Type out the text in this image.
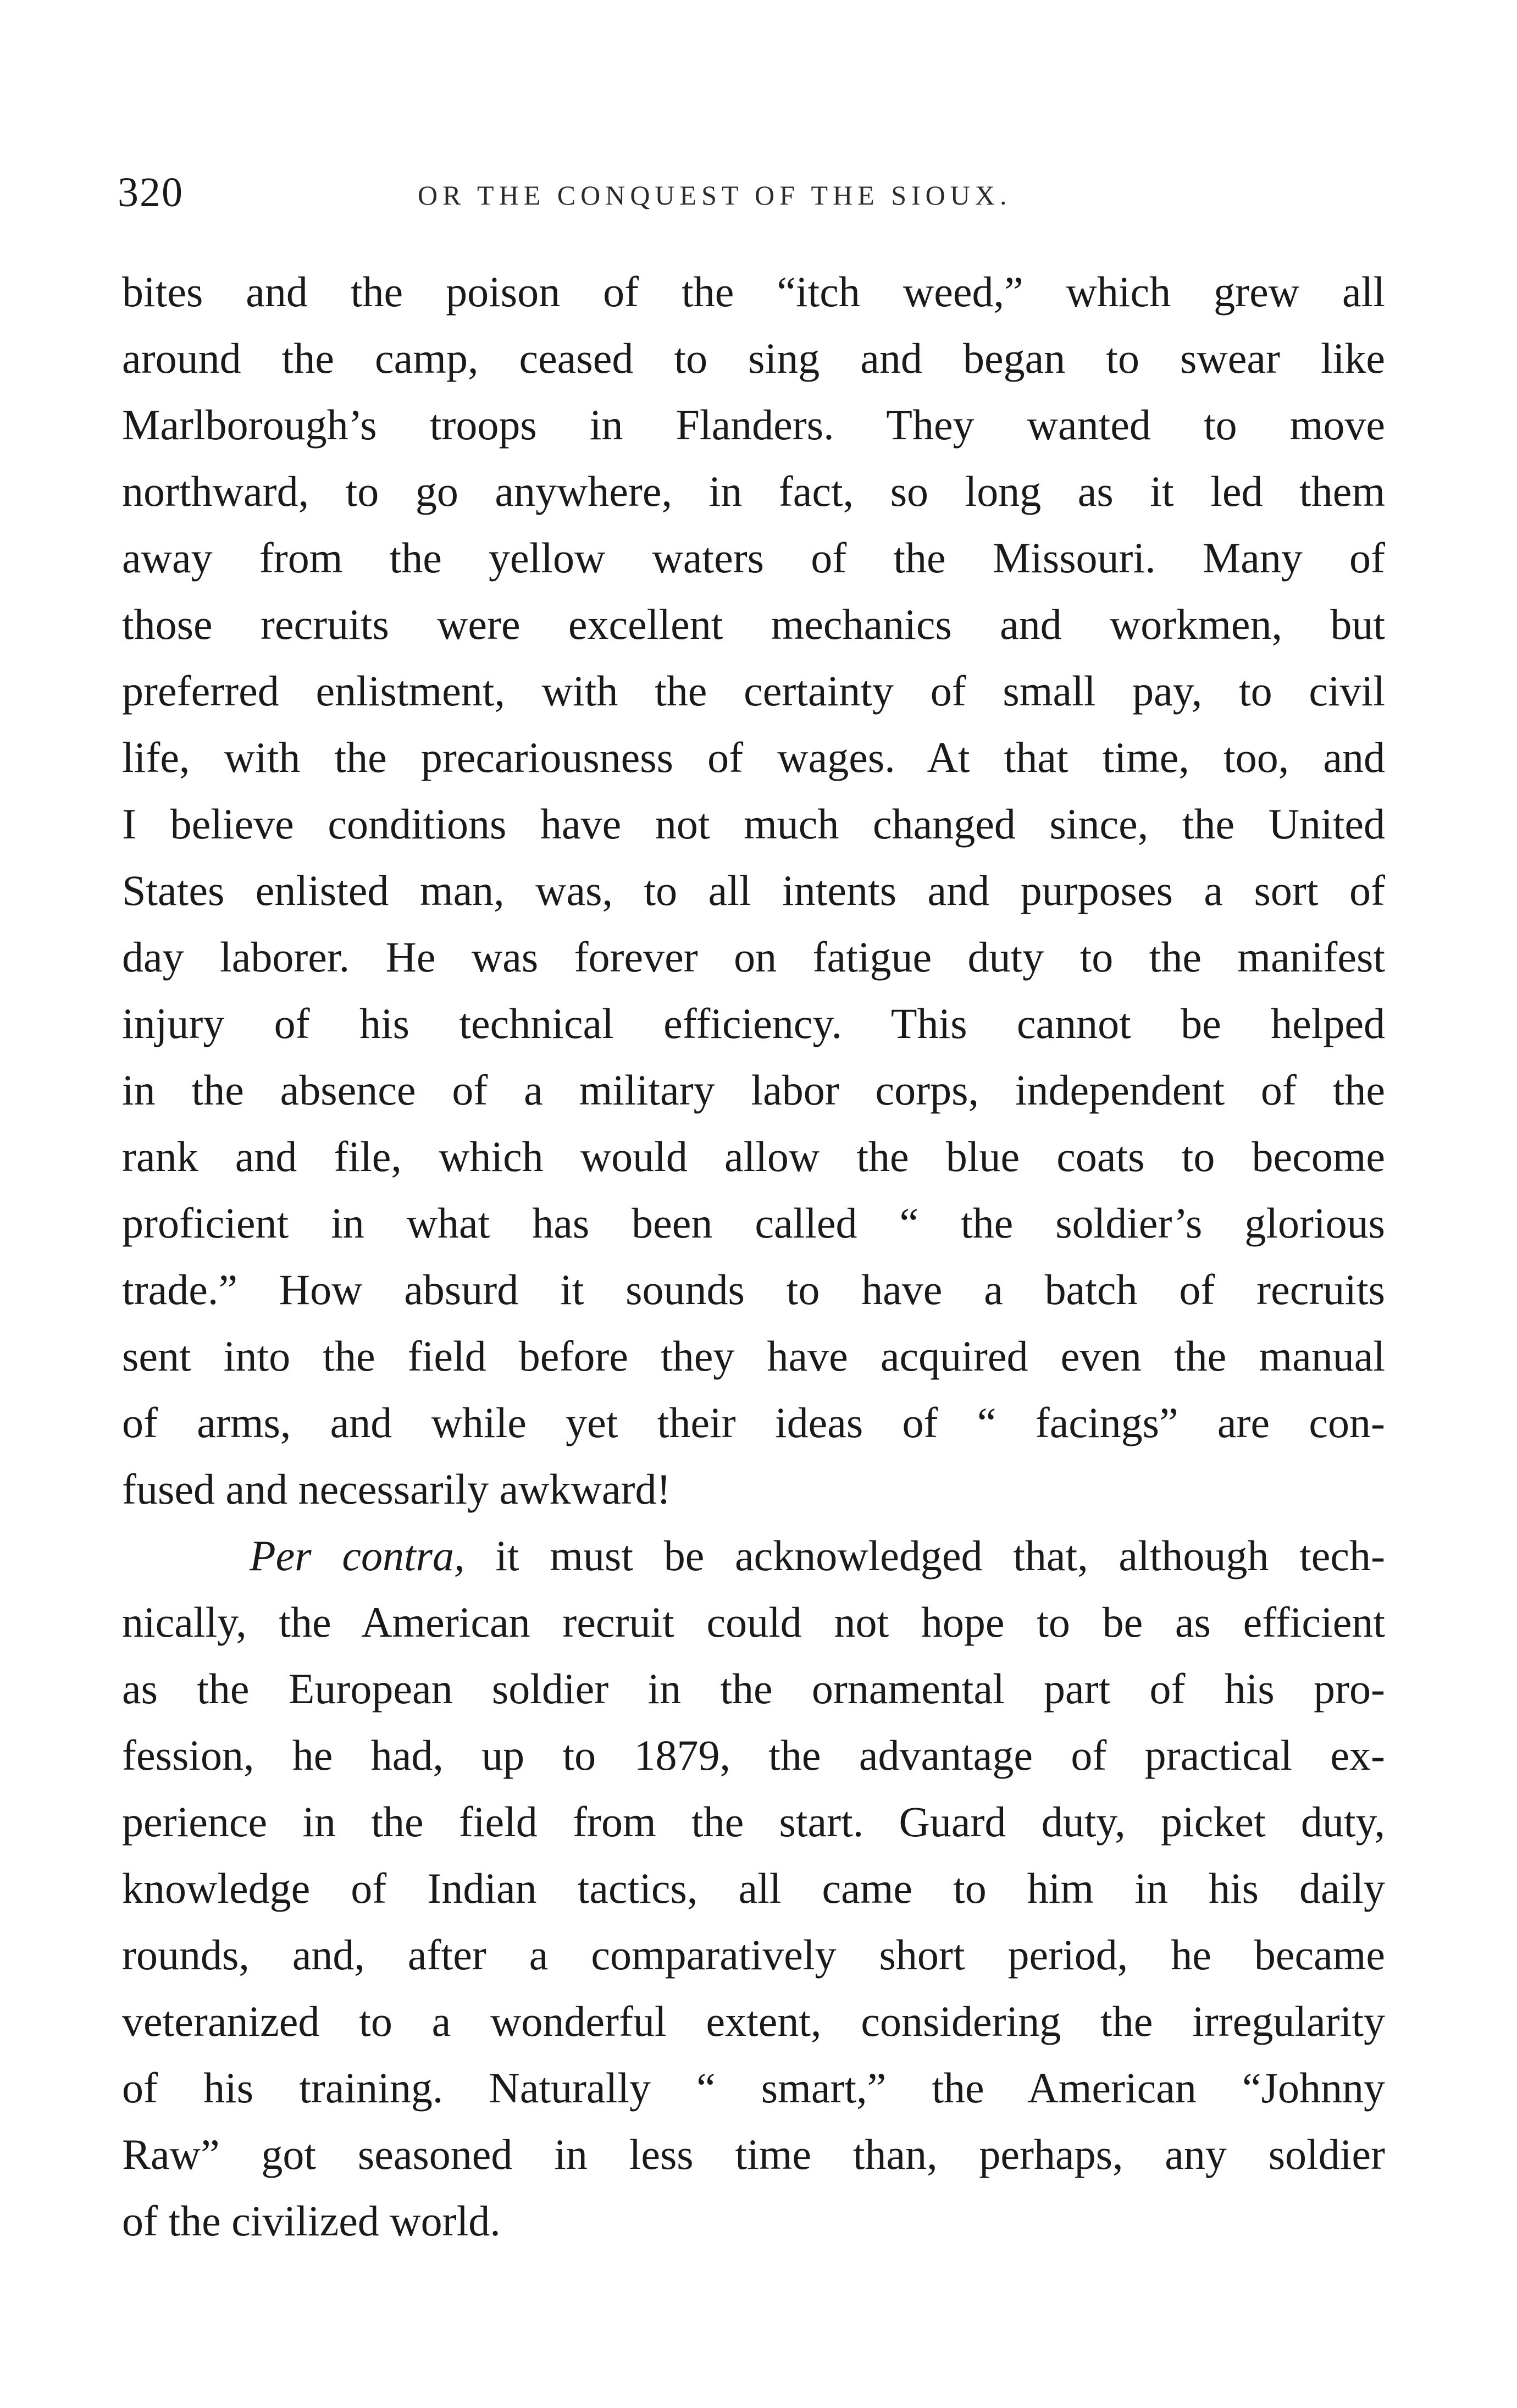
320	OR THE CONQUEST OF THE SIOUX.
bites and the poison of the “itch weed,” which grew all
around the camp, ceased to sing and began to swear like
Marlborough’s troops in Flanders. They wanted to move
northward, to go anywhere, in fact, so long as it led them
away from the yellow waters of the Missouri. Many of
those recruits were excellent mechanics and workmen, but
preferred enlistment, with the certainty of small pay, to civil
life, with the precariousness of wages. At that time, too, and
I believe conditions have not much changed since, the United
States enlisted man, was, to all intents and purposes a sort of
day laborer. He was forever on fatigue duty to the manifest
injury of his technical efficiency. This cannot be helped
in the absence of a military labor corps, independent of the
rank and file, which would allow the blue coats to become
proficient in what has been called “ the soldier’s glorious
trade.” How absurd it sounds to have a batch of recruits
sent into the field before they have acquired even the manual
of arms, and while yet their ideas of “ facings” are con-
fused and necessarily awkward!
Per contra, it must be acknowledged that, although tech-
nically, the American recruit could not hope to be as efficient
as the European soldier in the ornamental part of his pro-
fession, he had, up to 1879, the advantage of practical ex-
perience in the field from the start. Guard duty, picket duty,
knowledge of Indian tactics, all came to him in his daily
rounds, and, after a comparatively short period, he became
veteranized to a wonderful extent, considering the irregularity
of his training. Naturally “ smart,” the American “Johnny
Raw” got seasoned in less time than, perhaps, any soldier
of the civilized world.
